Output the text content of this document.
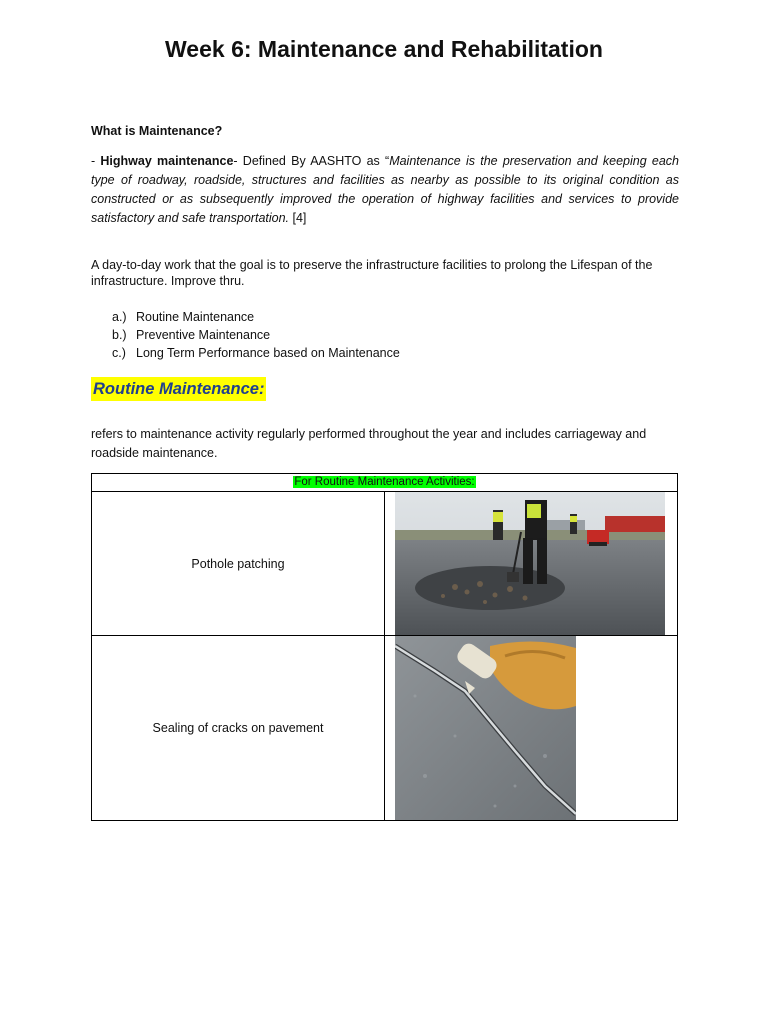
Week 6: Maintenance and Rehabilitation
What is Maintenance?
- Highway maintenance- Defined By AASHTO as “Maintenance is the preservation and keeping each type of roadway, roadside, structures and facilities as nearby as possible to its original condition as constructed or as subsequently improved the operation of highway facilities and services to provide satisfactory and safe transportation. [4]
A day-to-day work that the goal is to preserve the infrastructure facilities to prolong the Lifespan of the infrastructure. Improve thru.
a.) Routine Maintenance
b.) Preventive Maintenance
c.) Long Term Performance based on Maintenance
Routine Maintenance:
refers to maintenance activity regularly performed throughout the year and includes carriageway and roadside maintenance.
For Routine Maintenance Activities:
Pothole patching
Sealing of cracks on pavement
